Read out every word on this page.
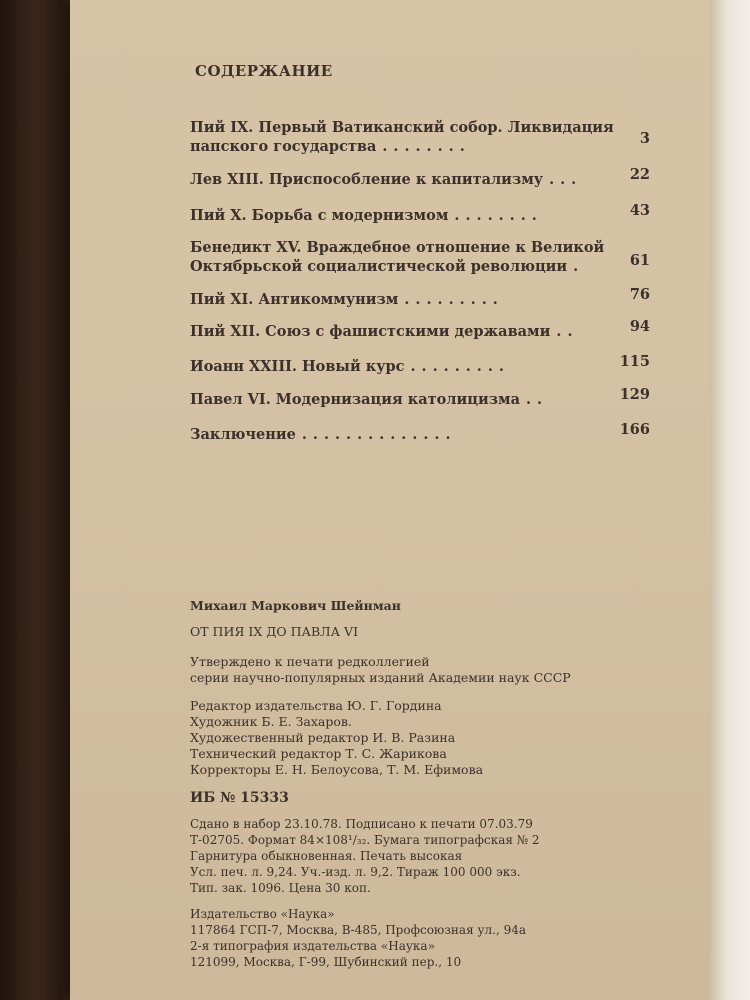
СОДЕРЖАНИЕ
Пий IX. Первый Ватиканский собор. Ликвидация
папского государства ........	3
Лев XIII. Приспособление к капитализму ...	22
Пий X. Борьба с модернизмом ........	43
Бенедикт XV. Враждебное отношение к Великой
Октябрьской социалистической революции .	61
Пий XI. Антикоммунизм .........	76
Пий XII. Союз с фашистскими державами ..	94
Иоанн XXIII. Новый курс .........	115
Павел VI. Модернизация католицизма ..	129
Заключение ..............	166
Михаил Маркович Шейнман
ОТ ПИЯ IX ДО ПАВЛА VI
Утверждено к печати редколлегией
серии научно-популярных изданий Академии наук СССР
Редактор издательства Ю. Г. Гордина
Художник Б. Е. Захаров.
Художественный редактор И. В. Разина
Технический редактор Т. С. Жарикова
Корректоры Е. Н. Белоусова, Т. М. Ефимова
ИБ № 15333
Сдано в набор 23.10.78. Подписано к печати 07.03.79
Т-02705. Формат 84×108¹/₃₂. Бумага типографская № 2
Гарнитура обыкновенная. Печать высокая
Усл. печ. л. 9,24. Уч.-изд. л. 9,2. Тираж 100 000 экз.
Тип. зак. 1096. Цена 30 коп.
Издательство «Наука»
117864 ГСП-7, Москва, В-485, Профсоюзная ул., 94а
2-я типография издательства «Наука»
121099, Москва, Г-99, Шубинский пер., 10
